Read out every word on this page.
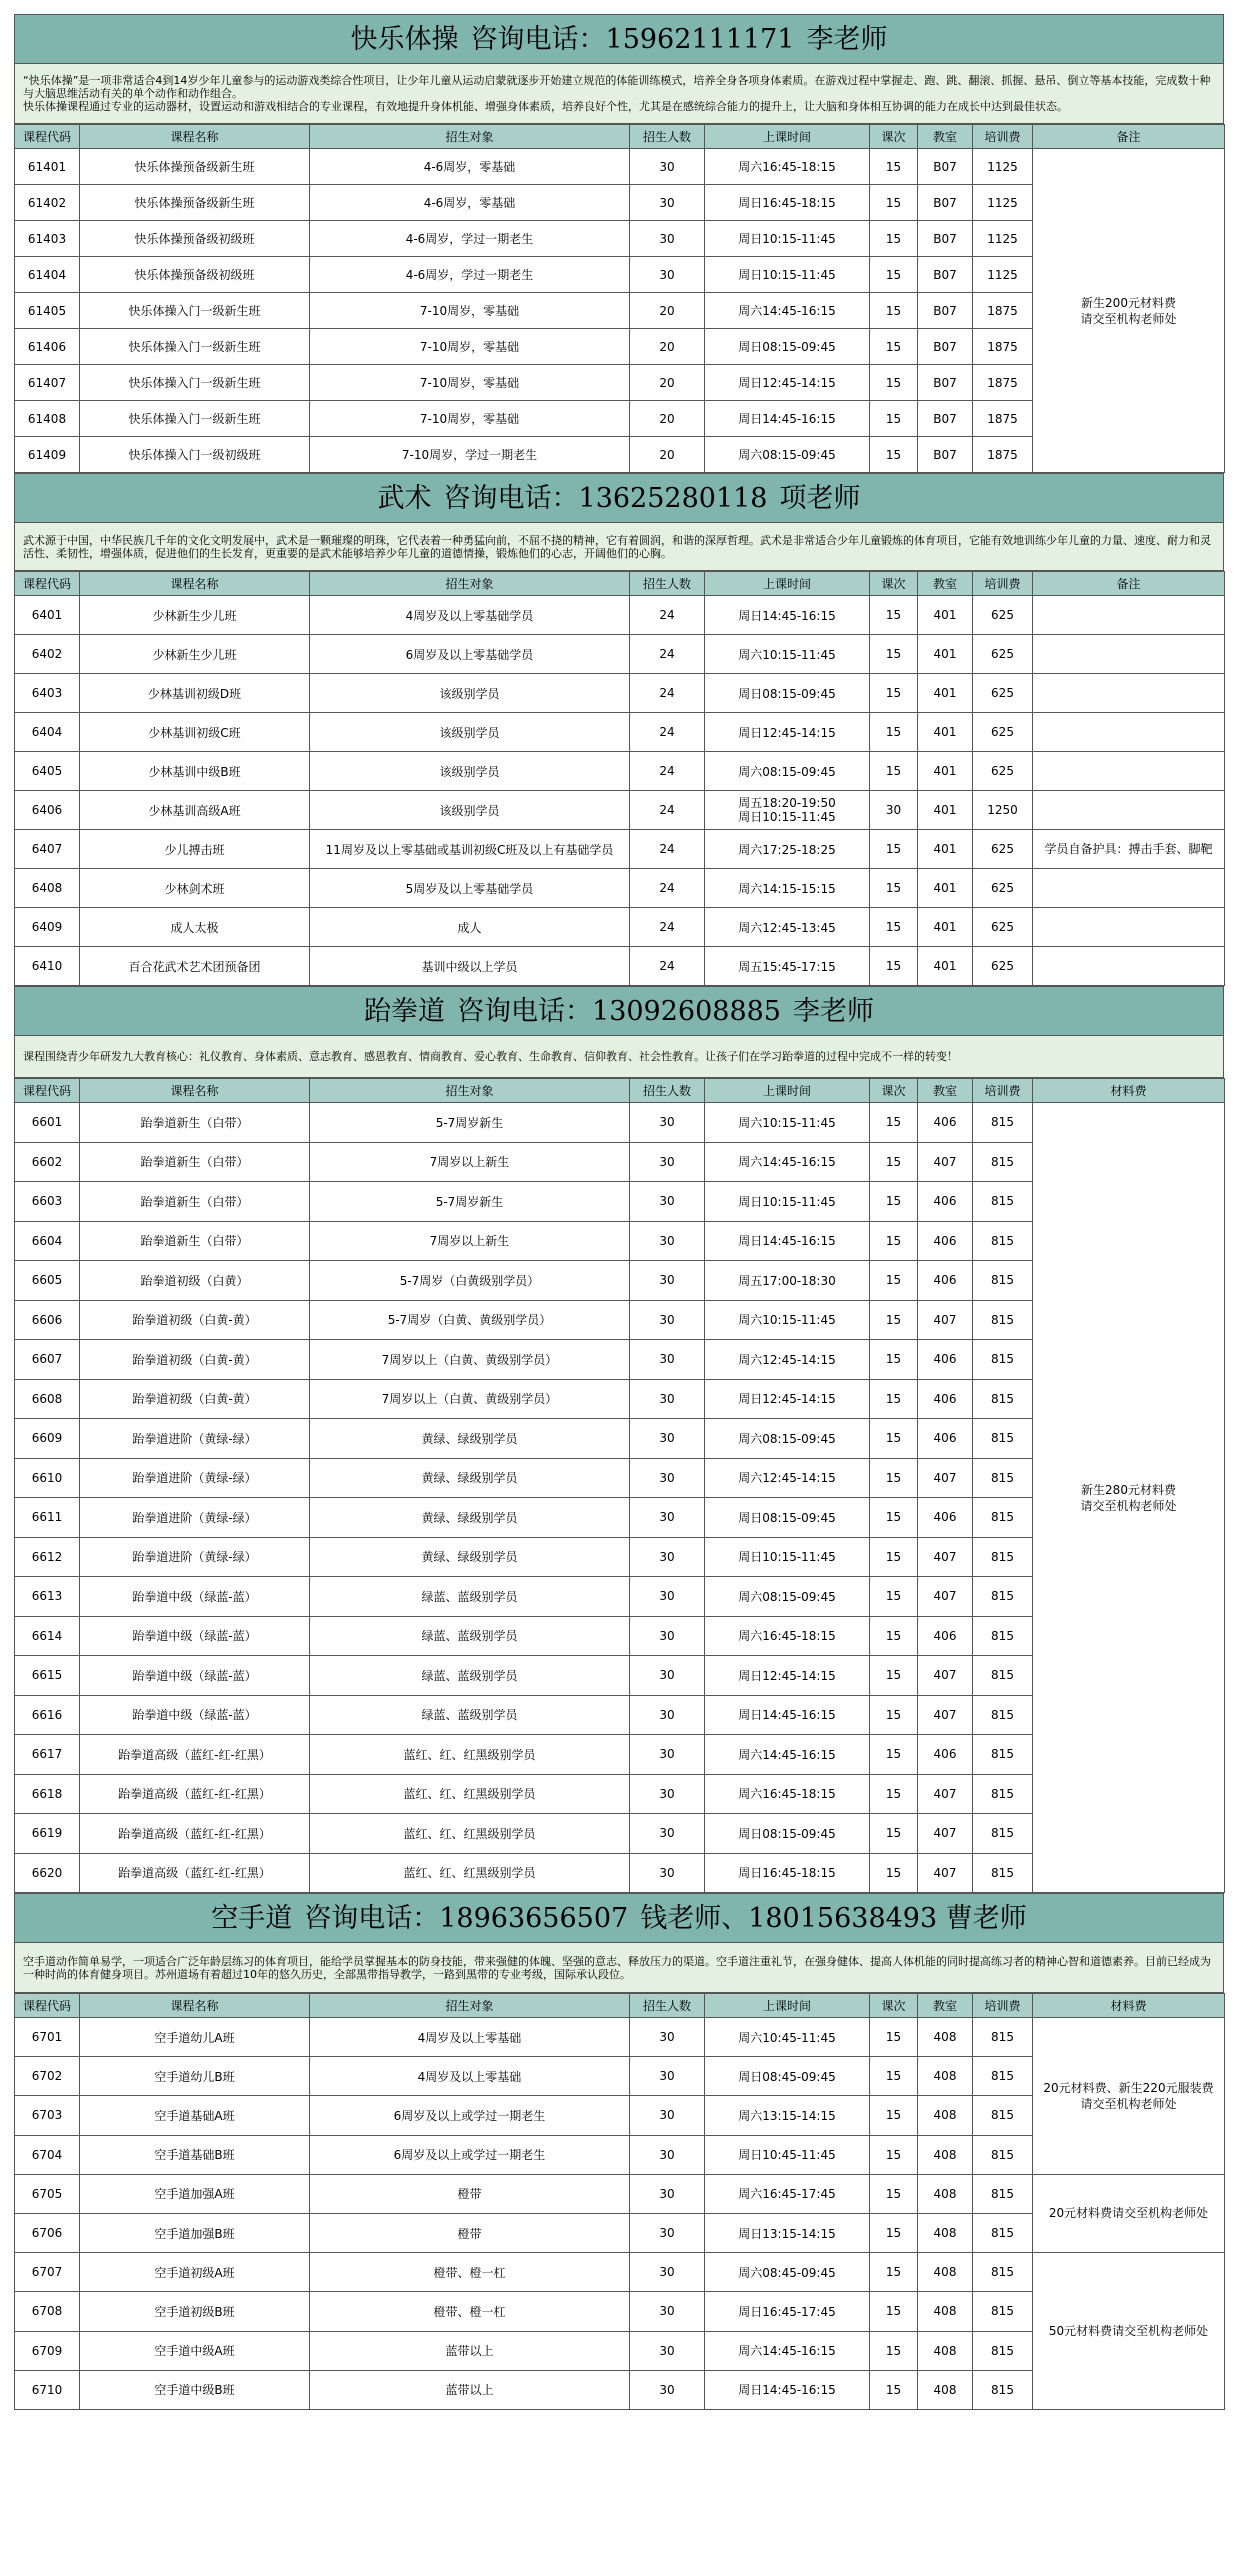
快乐体操 咨询电话：15962111171 李老师
“快乐体操”是一项非常适合4到14岁少年儿童参与的运动游戏类综合性项目，让少年儿童从运动启蒙就逐步开始建立规范的体能训练模式，培养全身各项身体素质。在游戏过程中掌握走、跑、跳、翻滚、抓握、悬吊、倒立等基本技能，完成数十种与大脑思维活动有关的单个动作和动作组合。
快乐体操课程通过专业的运动器材，设置运动和游戏相结合的专业课程，有效地提升身体机能、增强身体素质，培养良好个性，尤其是在感统综合能力的提升上，让大脑和身体相互协调的能力在成长中达到最佳状态。
课程代码	课程名称	招生对象	招生人数	上课时间	课次	教室	培训费	备注
61401	快乐体操预备级新生班	4-6周岁，零基础	30	周六16:45-18:15	15	B07	1125	新生200元材料费
请交至机构老师处
61402	快乐体操预备级新生班	4-6周岁，零基础	30	周日16:45-18:15	15	B07	1125	
61403	快乐体操预备级初级班	4-6周岁，学过一期老生	30	周日10:15-11:45	15	B07	1125	
61404	快乐体操预备级初级班	4-6周岁，学过一期老生	30	周日10:15-11:45	15	B07	1125	
61405	快乐体操入门一级新生班	7-10周岁，零基础	20	周六14:45-16:15	15	B07	1875	
61406	快乐体操入门一级新生班	7-10周岁，零基础	20	周日08:15-09:45	15	B07	1875	
61407	快乐体操入门一级新生班	7-10周岁，零基础	20	周日12:45-14:15	15	B07	1875	
61408	快乐体操入门一级新生班	7-10周岁，零基础	20	周日14:45-16:15	15	B07	1875	
61409	快乐体操入门一级初级班	7-10周岁，学过一期老生	20	周六08:15-09:45	15	B07	1875	
武术 咨询电话：13625280118 项老师
武术源于中国，中华民族几千年的文化文明发展中，武术是一颗璀璨的明珠，它代表着一种勇猛向前，不屈不挠的精神，它有着圆润，和谐的深厚哲理。武术是非常适合少年儿童锻炼的体育项目，它能有效地训练少年儿童的力量、速度、耐力和灵活性、柔韧性，增强体质，促进他们的生长发育，更重要的是武术能够培养少年儿童的道德情操，锻炼他们的心志，开阔他们的心胸。
课程代码	课程名称	招生对象	招生人数	上课时间	课次	教室	培训费	备注
6401	少林新生少儿班	4周岁及以上零基础学员	24	周日14:45-16:15	15	401	625	
6402	少林新生少儿班	6周岁及以上零基础学员	24	周六10:15-11:45	15	401	625	
6403	少林基训初级D班	该级别学员	24	周日08:15-09:45	15	401	625	
6404	少林基训初级C班	该级别学员	24	周日12:45-14:15	15	401	625	
6405	少林基训中级B班	该级别学员	24	周六08:15-09:45	15	401	625	
6406	少林基训高级A班	该级别学员	24	周五18:20-19:50
周日10:15-11:45	30	401	1250	
6407	少儿搏击班	11周岁及以上零基础或基训初级C班及以上有基础学员	24	周六17:25-18:25	15	401	625	学员自备护具：搏击手套、脚靶
6408	少林剑术班	5周岁及以上零基础学员	24	周六14:15-15:15	15	401	625	
6409	成人太极	成人	24	周六12:45-13:45	15	401	625	
6410	百合花武术艺术团预备团	基训中级以上学员	24	周五15:45-17:15	15	401	625	
跆拳道 咨询电话：13092608885 李老师
课程围绕青少年研发九大教育核心：礼仪教育、身体素质、意志教育、感恩教育、情商教育、爱心教育、生命教育、信仰教育、社会性教育。让孩子们在学习跆拳道的过程中完成不一样的转变！
课程代码	课程名称	招生对象	招生人数	上课时间	课次	教室	培训费	材料费
6601	跆拳道新生（白带）	5-7周岁新生	30	周六10:15-11:45	15	406	815	新生280元材料费
请交至机构老师处
6602	跆拳道新生（白带）	7周岁以上新生	30	周六14:45-16:15	15	407	815	
6603	跆拳道新生（白带）	5-7周岁新生	30	周日10:15-11:45	15	406	815	
6604	跆拳道新生（白带）	7周岁以上新生	30	周日14:45-16:15	15	406	815	
6605	跆拳道初级（白黄）	5-7周岁（白黄级别学员）	30	周五17:00-18:30	15	406	815	
6606	跆拳道初级（白黄-黄）	5-7周岁（白黄、黄级别学员）	30	周六10:15-11:45	15	407	815	
6607	跆拳道初级（白黄-黄）	7周岁以上（白黄、黄级别学员）	30	周六12:45-14:15	15	406	815	
6608	跆拳道初级（白黄-黄）	7周岁以上（白黄、黄级别学员）	30	周日12:45-14:15	15	406	815	
6609	跆拳道进阶（黄绿-绿）	黄绿、绿级别学员	30	周六08:15-09:45	15	406	815	
6610	跆拳道进阶（黄绿-绿）	黄绿、绿级别学员	30	周六12:45-14:15	15	407	815	
6611	跆拳道进阶（黄绿-绿）	黄绿、绿级别学员	30	周日08:15-09:45	15	406	815	
6612	跆拳道进阶（黄绿-绿）	黄绿、绿级别学员	30	周日10:15-11:45	15	407	815	
6613	跆拳道中级（绿蓝-蓝）	绿蓝、蓝级别学员	30	周六08:15-09:45	15	407	815	
6614	跆拳道中级（绿蓝-蓝）	绿蓝、蓝级别学员	30	周六16:45-18:15	15	406	815	
6615	跆拳道中级（绿蓝-蓝）	绿蓝、蓝级别学员	30	周日12:45-14:15	15	407	815	
6616	跆拳道中级（绿蓝-蓝）	绿蓝、蓝级别学员	30	周日14:45-16:15	15	407	815	
6617	跆拳道高级（蓝红-红-红黑）	蓝红、红、红黑级别学员	30	周六14:45-16:15	15	406	815	
6618	跆拳道高级（蓝红-红-红黑）	蓝红、红、红黑级别学员	30	周六16:45-18:15	15	407	815	
6619	跆拳道高级（蓝红-红-红黑）	蓝红、红、红黑级别学员	30	周日08:15-09:45	15	407	815	
6620	跆拳道高级（蓝红-红-红黑）	蓝红、红、红黑级别学员	30	周日16:45-18:15	15	407	815	
空手道 咨询电话：18963656507 钱老师、18015638493 曹老师
空手道动作简单易学，一项适合广泛年龄层练习的体育项目，能给学员掌握基本的防身技能，带来强健的体魄、坚强的意志、释放压力的渠道。空手道注重礼节，在强身健体、提高人体机能的同时提高练习者的精神心智和道德素养。目前已经成为一种时尚的体育健身项目。苏州道场有着超过10年的悠久历史，全部黑带指导教学，一路到黑带的专业考级，国际承认段位。
课程代码	课程名称	招生对象	招生人数	上课时间	课次	教室	培训费	材料费
6701	空手道幼儿A班	4周岁及以上零基础	30	周六10:45-11:45	15	408	815	20元材料费、新生220元服装费
请交至机构老师处
6702	空手道幼儿B班	4周岁及以上零基础	30	周日08:45-09:45	15	408	815	
6703	空手道基础A班	6周岁及以上或学过一期老生	30	周六13:15-14:15	15	408	815	
6704	空手道基础B班	6周岁及以上或学过一期老生	30	周日10:45-11:45	15	408	815	
6705	空手道加强A班	橙带	30	周六16:45-17:45	15	408	815	20元材料费请交至机构老师处
6706	空手道加强B班	橙带	30	周日13:15-14:15	15	408	815	
6707	空手道初级A班	橙带、橙一杠	30	周六08:45-09:45	15	408	815	50元材料费请交至机构老师处
6708	空手道初级B班	橙带、橙一杠	30	周日16:45-17:45	15	408	815	
6709	空手道中级A班	蓝带以上	30	周六14:45-16:15	15	408	815	
6710	空手道中级B班	蓝带以上	30	周日14:45-16:15	15	408	815	
